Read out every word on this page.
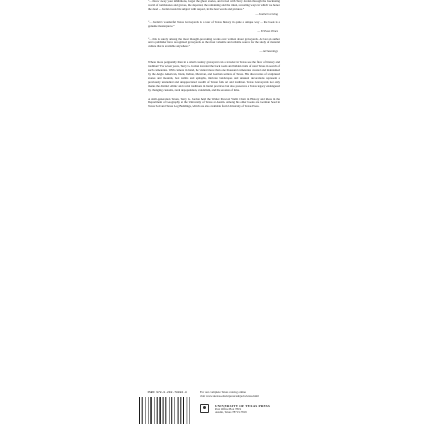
“... throw away your inhibitions, forget the ghost stories, and travel with Terry Jordan through the fascinating world of tombstones and graves, the departed, the remaining and the ritual, revealing ways in which we honor the dead ... Jordan treats his subject with respect, in the best words and pictures.”

— Southern Living

“... Jordan’s wonderful Texas Graveyards is a tour of Texas history in quite a unique way ... the book is a genuine masterpiece.”

— El Paso Times

“... this is surely among the most thought-provoking works ever written about graveyards. At last an author and a publisher have recognized graveyards as the most valuable and reliable source for the study of material culture that is available anywhere.”

— Archaeology

Where more poignantly than in a small country graveyard can a traveler in Texas see the flow of history and tradition? For seven years, Terry G. Jordan traveled the back roads and hidden trails of rural Texas in search of such cemeteries. With camera in hand, he visited more than one thousand cemeteries created and maintained by the Anglo American, black, Indian, Mexican, and German settlers of Texas. His discoveries of sculptured stones and mounds, box tombs and epitaphs, intricate landscapes and unusual decorations represent a previously unstudied and unappreciated wealth of Texan folk art and tradition. Texas Graveyards not only marks the distinct ethnic and racial traditions in burial practices but also preserves a Texas legacy endangered by changing customs, rural depopulation, vandalism, and the erosion of time.

A sixth-generation Texan, Terry G. Jordan held the Walter Prescott Webb Chair in History and Ideas in the Department of Geography at the University of Texas at Austin. Among his other books are German Seed in Texas Soil and Texas Log Buildings, which are also available from University of Texas Press.

ISBN 978-0-292-78082-8	For our complete Texas catalog online

visit www.utexas.edu/utpress/subjects/texas.html

UNIVERSITY OF TEXAS PRESS
Post Office Box 7819
Austin, Texas 78713-7819
